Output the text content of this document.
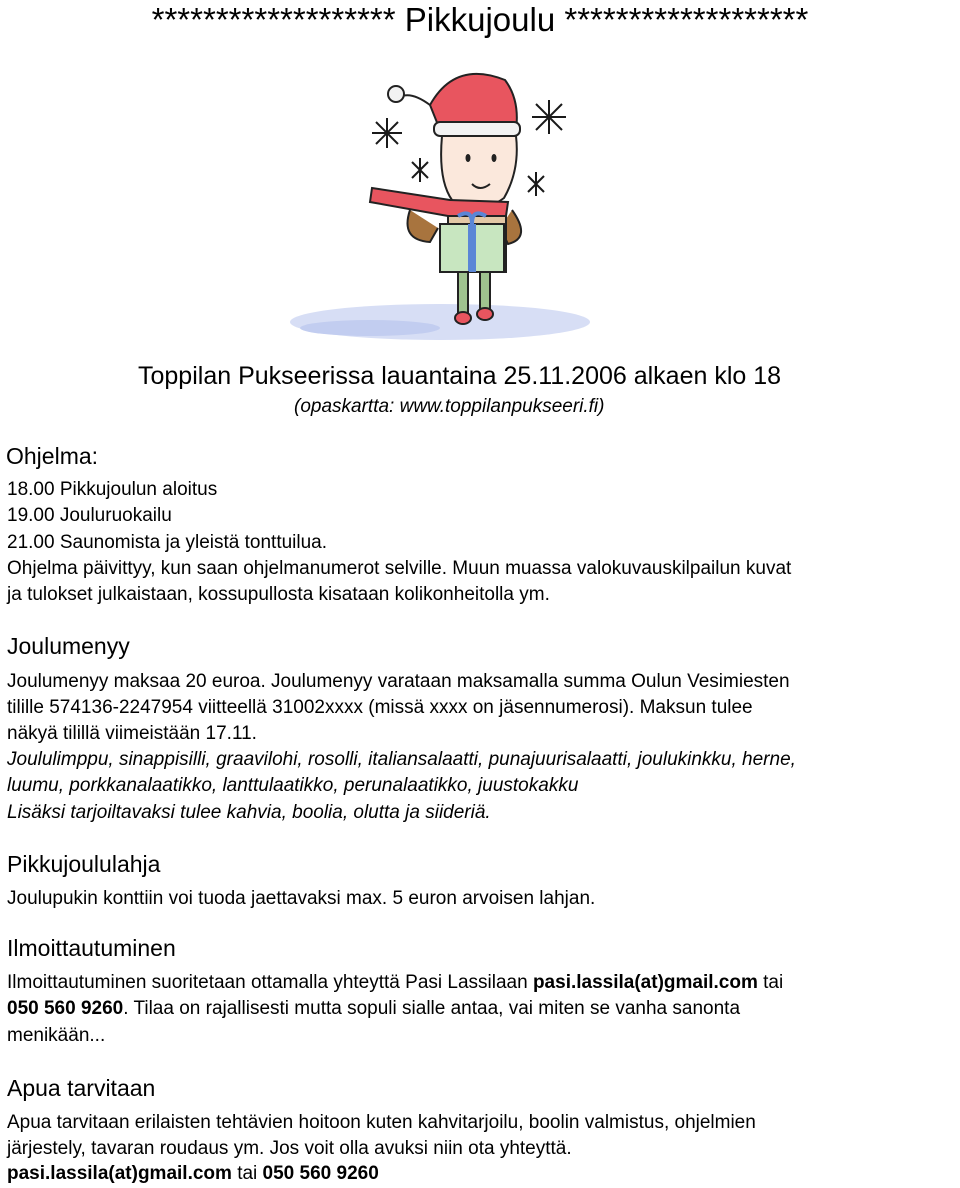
******************* Pikkujoulu *******************
Toppilan Pukseerissa lauantaina 25.11.2006 alkaen klo 18
(opaskartta: www.toppilanpukseeri.fi)
Ohjelma:
18.00 Pikkujoulun aloitus
19.00 Jouluruokailu
21.00 Saunomista ja yleistä tonttuilua.
Ohjelma päivittyy, kun saan ohjelmanumerot selville. Muun muassa valokuvauskilpailun kuvat
ja tulokset julkaistaan, kossupullosta kisataan kolikonheitolla ym.
Joulumenyy
Joulumenyy maksaa 20 euroa. Joulumenyy varataan maksamalla summa Oulun Vesimiesten
tilille 574136-2247954 viitteellä 31002xxxx (missä xxxx on jäsennumerosi). Maksun tulee
näkyä tilillä viimeistään 17.11.
Joululimppu, sinappisilli, graavilohi, rosolli, italiansalaatti, punajuurisalaatti, joulukinkku, herne,
luumu, porkkanalaatikko, lanttulaatikko, perunalaatikko, juustokakku
Lisäksi tarjoiltavaksi tulee kahvia, boolia, olutta ja siideriä.
Pikkujoululahja
Joulupukin konttiin voi tuoda jaettavaksi max. 5 euron arvoisen lahjan.
Ilmoittautuminen
Ilmoittautuminen suoritetaan ottamalla yhteyttä Pasi Lassilaan pasi.lassila(at)gmail.com tai
050 560 9260. Tilaa on rajallisesti mutta sopuli sialle antaa, vai miten se vanha sanonta
menikään...
Apua tarvitaan
Apua tarvitaan erilaisten tehtävien hoitoon kuten kahvitarjoilu, boolin valmistus, ohjelmien
järjestely, tavaran roudaus ym. Jos voit olla avuksi niin ota yhteyttä.
pasi.lassila(at)gmail.com tai 050 560 9260
